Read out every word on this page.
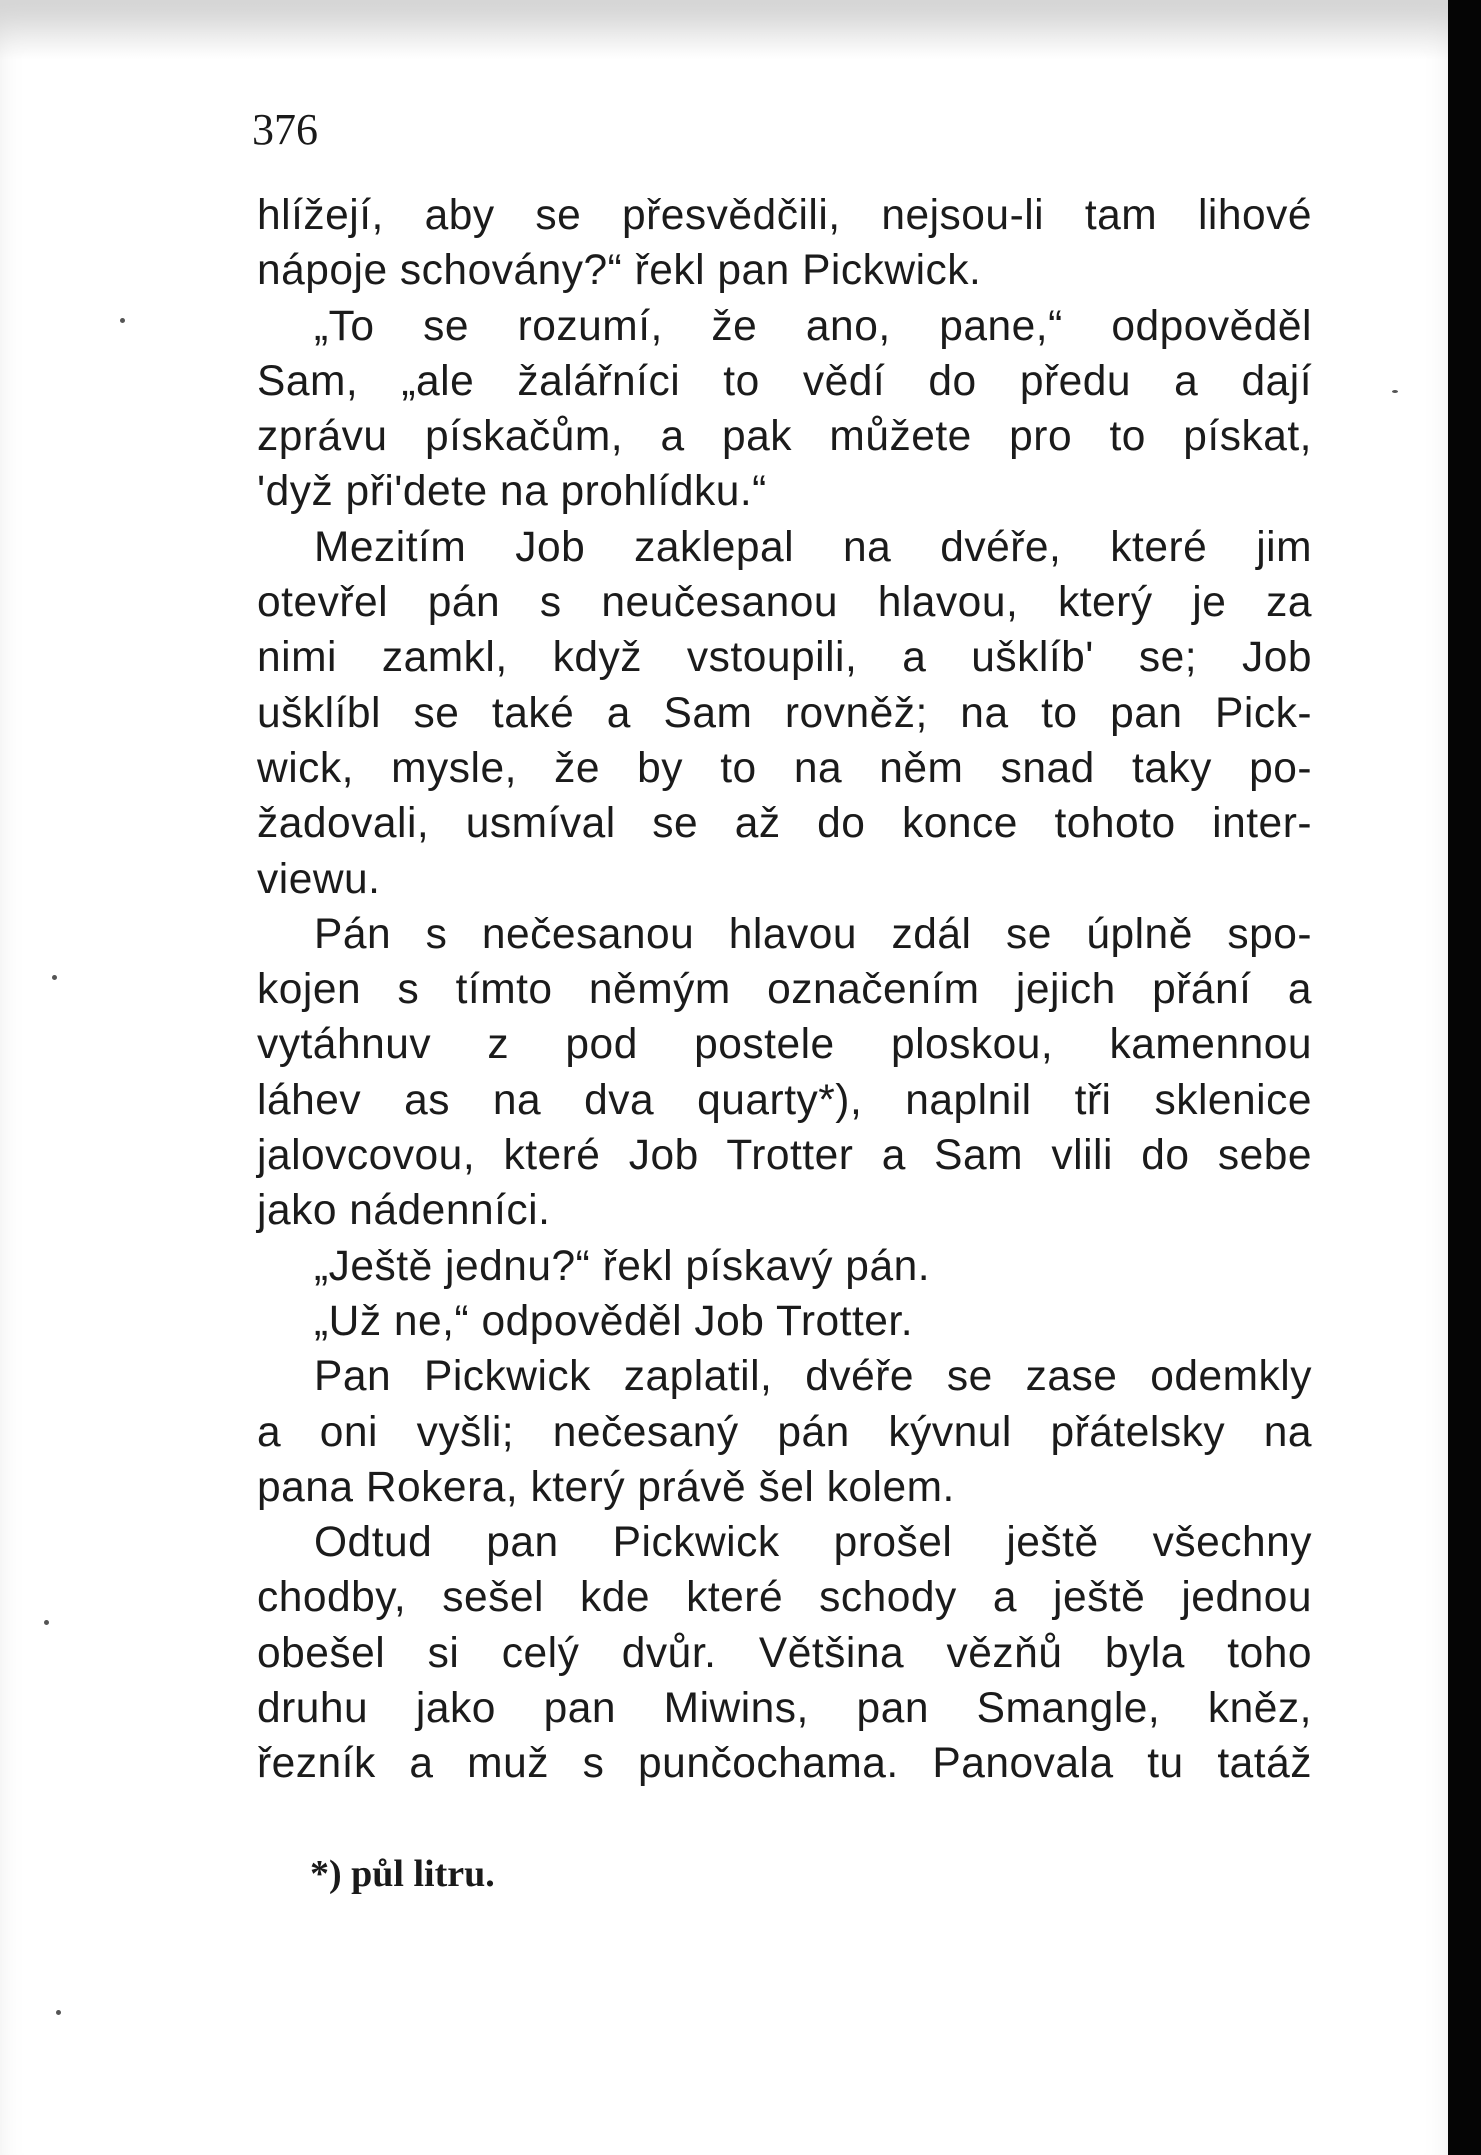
376
hlížejí, aby se přesvědčili, nejsou-li tam lihové
nápoje schovány?“ řekl pan Pickwick.
„To se rozumí, že ano, pane,“ odpověděl
Sam, „ale žalářníci to vědí do předu a dají
zprávu pískačům, a pak můžete pro to pískat,
'dyž při'dete na prohlídku.“
Mezitím Job zaklepal na dvéře, které jim
otevřel pán s neučesanou hlavou, který je za
nimi zamkl, když vstoupili, a ušklíb' se; Job
ušklíbl se také a Sam rovněž; na to pan Pick-
wick, mysle, že by to na něm snad taky po-
žadovali, usmíval se až do konce tohoto inter-
viewu.
Pán s nečesanou hlavou zdál se úplně spo-
kojen s tímto němým označením jejich přání a
vytáhnuv z pod postele ploskou, kamennou
láhev as na dva quarty*), naplnil tři sklenice
jalovcovou, které Job Trotter a Sam vlili do sebe
jako nádenníci.
„Ještě jednu?“ řekl pískavý pán.
„Už ne,“ odpověděl Job Trotter.
Pan Pickwick zaplatil, dvéře se zase odemkly
a oni vyšli; nečesaný pán kývnul přátelsky na
pana Rokera, který právě šel kolem.
Odtud pan Pickwick prošel ještě všechny
chodby, sešel kde které schody a ještě jednou
obešel si celý dvůr. Většina vězňů byla toho
druhu jako pan Miwins, pan Smangle, kněz,
řezník a muž s punčochama. Panovala tu tatáž
*) půl litru.
